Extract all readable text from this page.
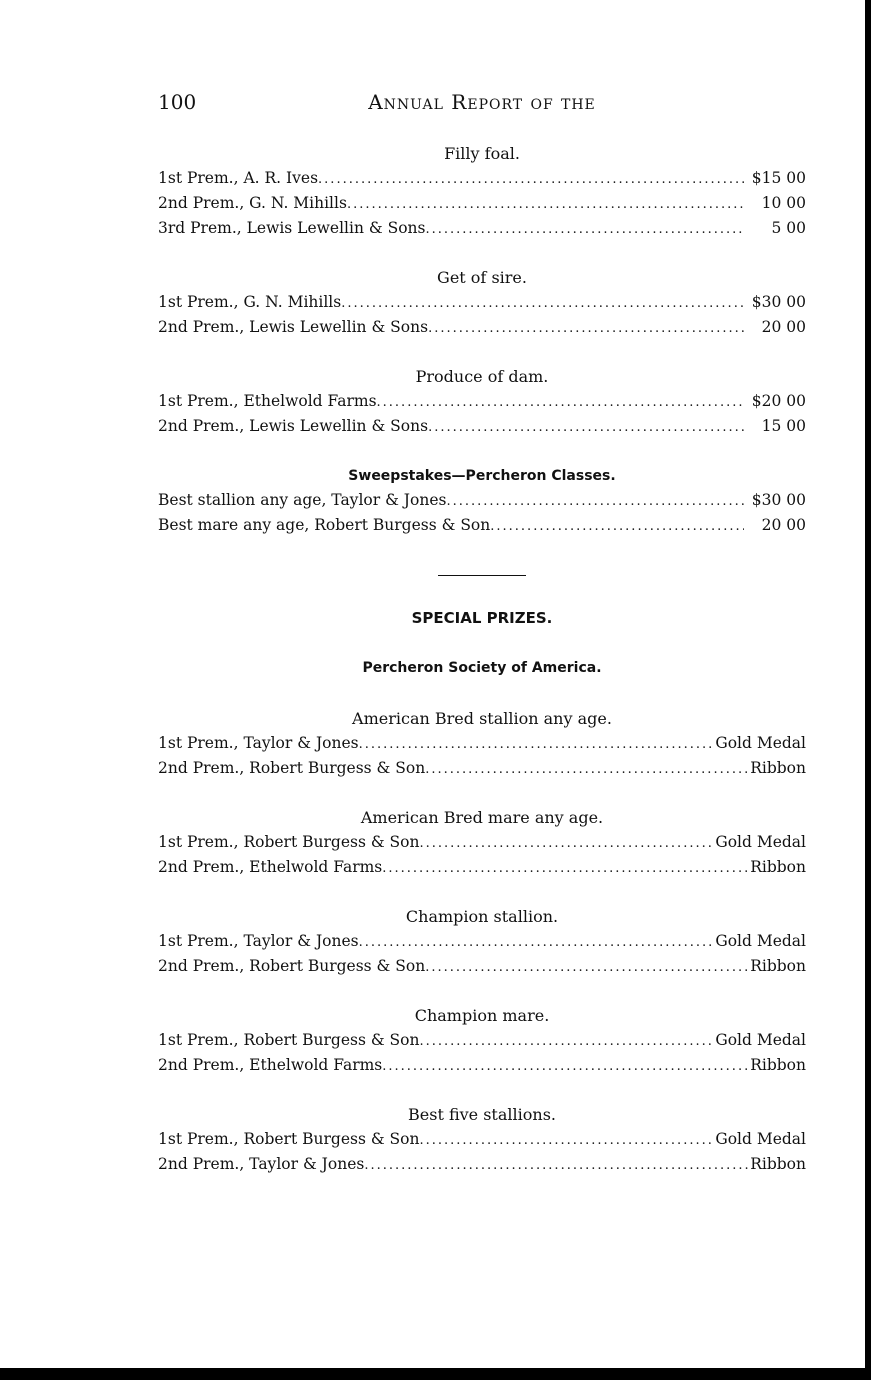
100	Annual Report of the
Filly foal.
1st Prem., A. R. Ives .....	$15 00
2nd Prem., G. N. Mihills .....	10 00
3rd Prem., Lewis Lewellin & Sons .....	5 00
Get of sire.
1st Prem., G. N. Mihills .....	$30 00
2nd Prem., Lewis Lewellin & Sons .....	20 00
Produce of dam.
1st Prem., Ethelwold Farms .....	$20 00
2nd Prem., Lewis Lewellin & Sons .....	15 00
Sweepstakes—Percheron Classes.
Best stallion any age, Taylor & Jones .....	$30 00
Best mare any age, Robert Burgess & Son .....	20 00
SPECIAL PRIZES.
Percheron Society of America.
American Bred stallion any age.
1st Prem., Taylor & Jones .....	Gold Medal
2nd Prem., Robert Burgess & Son .....	Ribbon
American Bred mare any age.
1st Prem., Robert Burgess & Son .....	Gold Medal
2nd Prem., Ethelwold Farms .....	Ribbon
Champion stallion.
1st Prem., Taylor & Jones .....	Gold Medal
2nd Prem., Robert Burgess & Son .....	Ribbon
Champion mare.
1st Prem., Robert Burgess & Son .....	Gold Medal
2nd Prem., Ethelwold Farms .....	Ribbon
Best five stallions.
1st Prem., Robert Burgess & Son .....	Gold Medal
2nd Prem., Taylor & Jones .....	Ribbon
